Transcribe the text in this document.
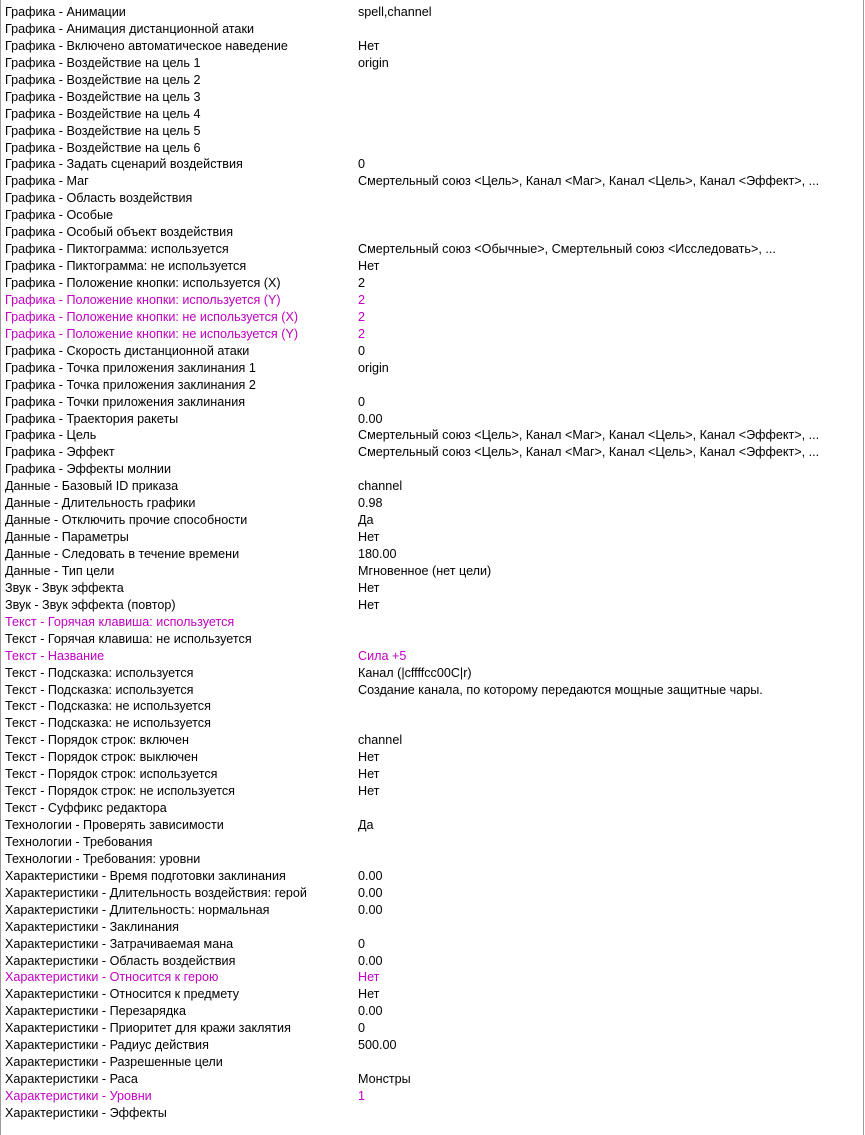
Графика - Анимации	spell,channel
Графика - Анимация дистанционной атаки
Графика - Включено автоматическое наведение	Нет
Графика - Воздействие на цель 1	origin
Графика - Воздействие на цель 2
Графика - Воздействие на цель 3
Графика - Воздействие на цель 4
Графика - Воздействие на цель 5
Графика - Воздействие на цель 6
Графика - Задать сценарий воздействия	0
Графика - Маг	Смертельный союз <Цель>, Канал <Маг>, Канал <Цель>, Канал <Эффект>, ...
Графика - Область воздействия
Графика - Особые
Графика - Особый объект воздействия
Графика - Пиктограмма: используется	Смертельный союз <Обычные>, Смертельный союз <Исследовать>, ...
Графика - Пиктограмма: не используется	Нет
Графика - Положение кнопки: используется (X)	2
Графика - Положение кнопки: используется (Y)	2
Графика - Положение кнопки: не используется (X)	2
Графика - Положение кнопки: не используется (Y)	2
Графика - Скорость дистанционной атаки	0
Графика - Точка приложения заклинания 1	origin
Графика - Точка приложения заклинания 2
Графика - Точки приложения заклинания	0
Графика - Траектория ракеты	0.00
Графика - Цель	Смертельный союз <Цель>, Канал <Маг>, Канал <Цель>, Канал <Эффект>, ...
Графика - Эффект	Смертельный союз <Цель>, Канал <Маг>, Канал <Цель>, Канал <Эффект>, ...
Графика - Эффекты молнии
Данные - Базовый ID приказа	channel
Данные - Длительность графики	0.98
Данные - Отключить прочие способности	Да
Данные - Параметры	Нет
Данные - Следовать в течение времени	180.00
Данные - Тип цели	Мгновенное (нет цели)
Звук - Звук эффекта	Нет
Звук - Звук эффекта (повтор)	Нет
Текст - Горячая клавиша: используется
Текст - Горячая клавиша: не используется
Текст - Название	Сила +5
Текст - Подсказка: используется	Канал (|cffffcc00C|r)
Текст - Подсказка: используется	Создание канала, по которому передаются мощные защитные чары.
Текст - Подсказка: не используется
Текст - Подсказка: не используется
Текст - Порядок строк: включен	channel
Текст - Порядок строк: выключен	Нет
Текст - Порядок строк: используется	Нет
Текст - Порядок строк: не используется	Нет
Текст - Суффикс редактора
Технологии - Проверять зависимости	Да
Технологии - Требования
Технологии - Требования: уровни
Характеристики - Время подготовки заклинания	0.00
Характеристики - Длительность воздействия: герой	0.00
Характеристики - Длительность: нормальная	0.00
Характеристики - Заклинания
Характеристики - Затрачиваемая мана	0
Характеристики - Область воздействия	0.00
Характеристики - Относится к герою	Нет
Характеристики - Относится к предмету	Нет
Характеристики - Перезарядка	0.00
Характеристики - Приоритет для кражи заклятия	0
Характеристики - Радиус действия	500.00
Характеристики - Разрешенные цели
Характеристики - Раса	Монстры
Характеристики - Уровни	1
Характеристики - Эффекты
